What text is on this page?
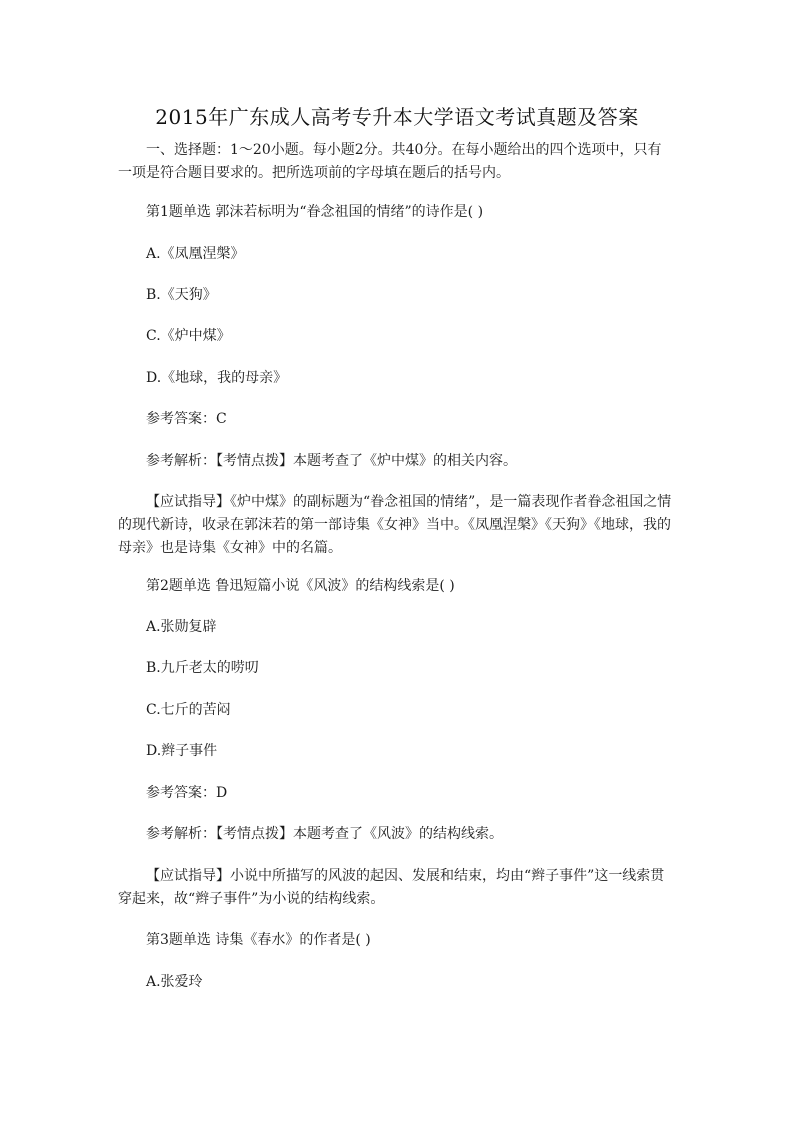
2015年广东成人高考专升本大学语文考试真题及答案
一、选择题：1～20小题。每小题2分。共40分。在每小题给出的四个选项中，只有一项是符合题目要求的。把所选项前的字母填在题后的括号内。
第1题单选 郭沫若标明为“眷念祖国的情绪”的诗作是( )
A.《凤凰涅槃》
B.《天狗》
C.《炉中煤》
D.《地球，我的母亲》
参考答案：C
参考解析：【考情点拨】本题考查了《炉中煤》的相关内容。
【应试指导】《炉中煤》的副标题为“眷念祖国的情绪”，是一篇表现作者眷念祖国之情的现代新诗，收录在郭沫若的第一部诗集《女神》当中。《凤凰涅槃》《天狗》《地球，我的母亲》也是诗集《女神》中的名篇。
第2题单选 鲁迅短篇小说《风波》的结构线索是( )
A.张勋复辟
B.九斤老太的唠叨
C.七斤的苦闷
D.辫子事件
参考答案：D
参考解析：【考情点拨】本题考查了《风波》的结构线索。
【应试指导】小说中所描写的风波的起因、发展和结束，均由“辫子事件”这一线索贯穿起来，故“辫子事件”为小说的结构线索。
第3题单选 诗集《春水》的作者是( )
A.张爱玲
